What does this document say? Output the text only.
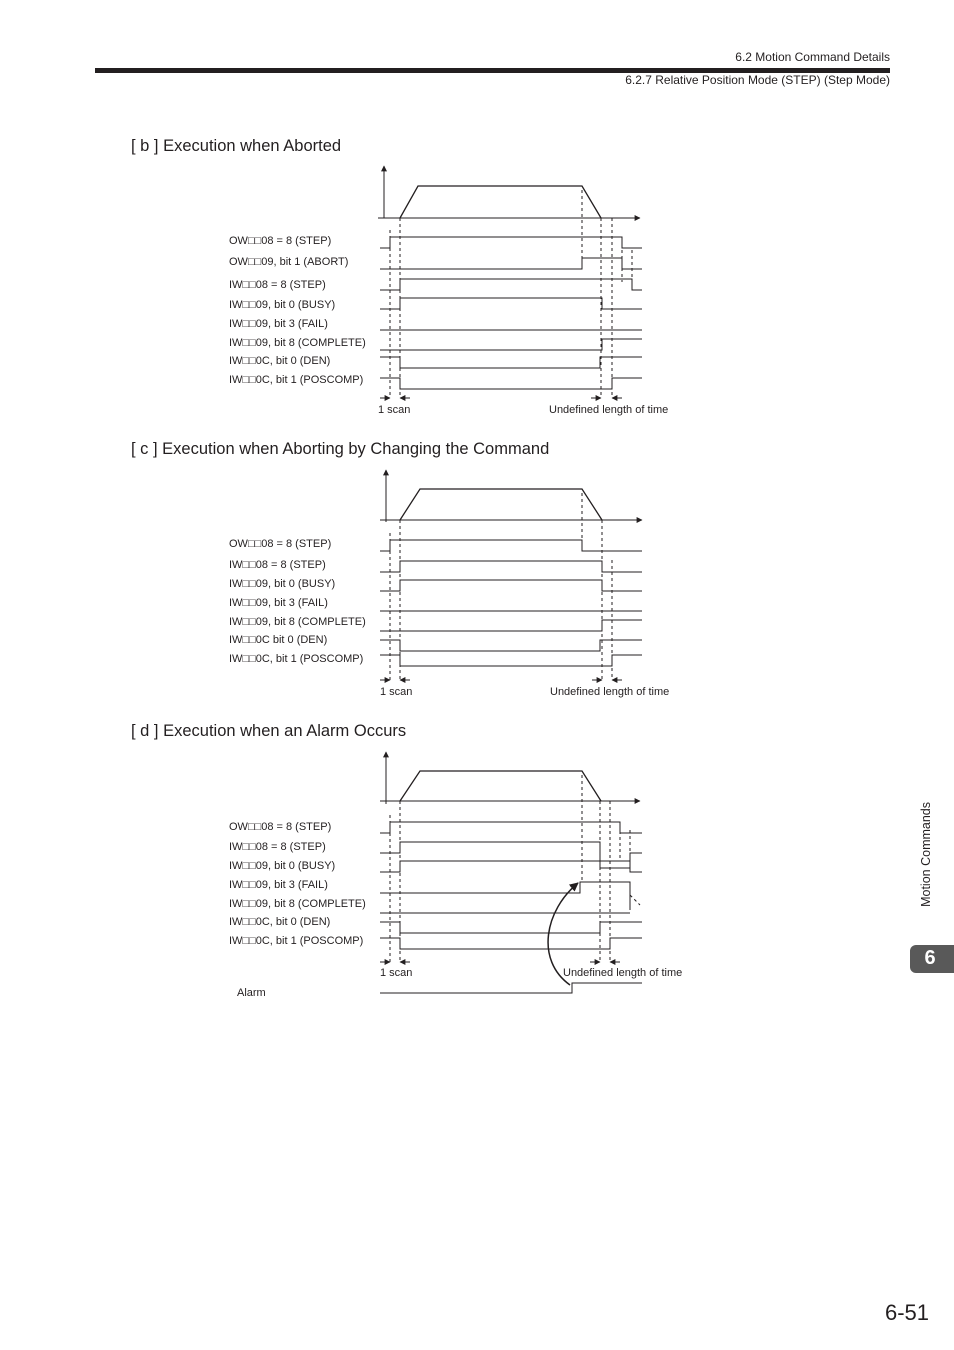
6.2 Motion Command Details
6.2.7 Relative Position Mode (STEP) (Step Mode)
[ b ] Execution when Aborted
[ c ] Execution when Aborting by Changing the Command
[ d ] Execution when an Alarm Occurs
OW□□08 = 8 (STEP)
OW□□09, bit 1 (ABORT)
IW□□08 = 8 (STEP)
IW□□09, bit 0 (BUSY)
IW□□09, bit 3 (FAIL)
IW□□09, bit 8 (COMPLETE)
IW□□0C, bit 0 (DEN)
IW□□0C, bit 1 (POSCOMP)
1 scan	Undefined length of time
OW□□08 = 8 (STEP)
IW□□08 = 8 (STEP)
IW□□09, bit 0 (BUSY)
IW□□09, bit 3 (FAIL)
IW□□09, bit 8 (COMPLETE)
IW□□0C bit 0 (DEN)
IW□□0C, bit 1 (POSCOMP)
1 scan	Undefined length of time
OW□□08 = 8 (STEP)
IW□□08 = 8 (STEP)
IW□□09, bit 0 (BUSY)
IW□□09, bit 3 (FAIL)
IW□□09, bit 8 (COMPLETE)
IW□□0C, bit 0 (DEN)
IW□□0C, bit 1 (POSCOMP)
1 scan	Undefined length of time
Alarm
Motion Commands
6
6-51
